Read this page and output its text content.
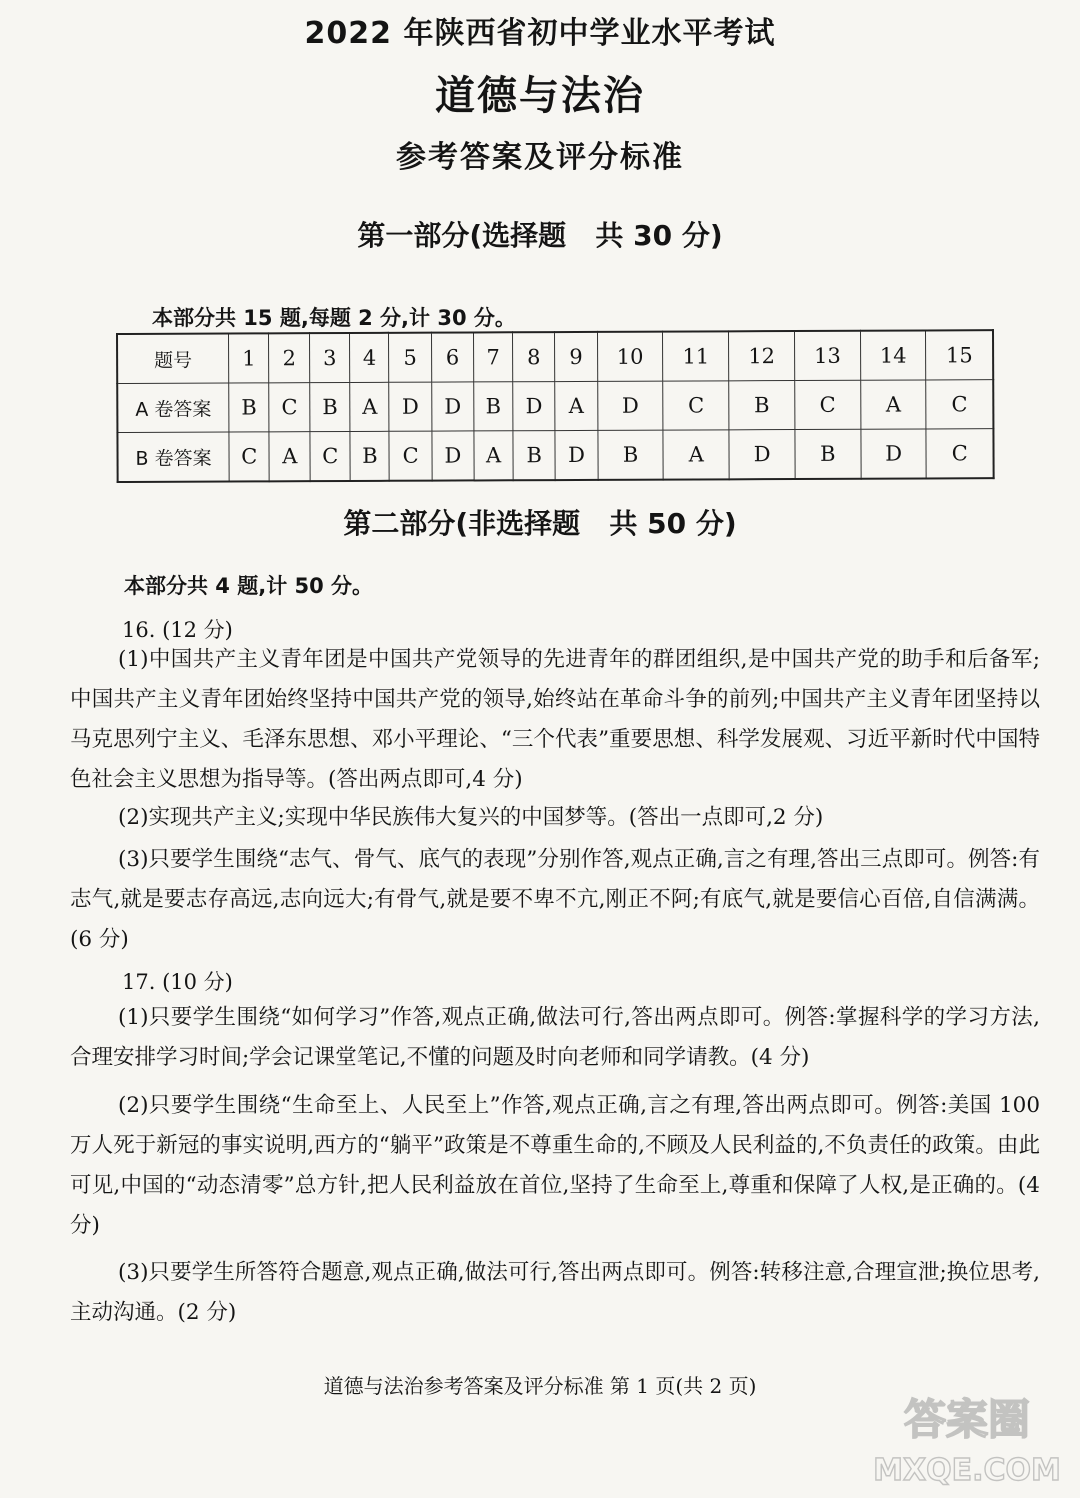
2022 年陕西省初中学业水平考试
道德与法治
参考答案及评分标准
第一部分(选择题   共 30 分)
本部分共 15 题,每题 2 分,计 30 分。
题号	1	2	3	4	5	6	7	8	9	10	11	12	13	14	15
A 卷答案	B	C	B	A	D	D	B	D	A	D	C	B	C	A	C
B 卷答案	C	A	C	B	C	D	A	B	D	B	A	D	B	D	C
第二部分(非选择题   共 50 分)
本部分共 4 题,计 50 分。
16. (12 分)

(1)中国共产主义青年团是中国共产党领导的先进青年的群团组织,是中国共产党的助手和后备军;中国共产主义青年团始终坚持中国共产党的领导,始终站在革命斗争的前列;中国共产主义青年团坚持以马克思列宁主义、毛泽东思想、邓小平理论、“三个代表”重要思想、科学发展观、习近平新时代中国特色社会主义思想为指导等。(答出两点即可,4 分)

(2)实现共产主义;实现中华民族伟大复兴的中国梦等。(答出一点即可,2 分)

(3)只要学生围绕“志气、骨气、底气的表现”分别作答,观点正确,言之有理,答出三点即可。例答:有志气,就是要志存高远,志向远大;有骨气,就是要不卑不亢,刚正不阿;有底气,就是要信心百倍,自信满满。(6 分)

17. (10 分)

(1)只要学生围绕“如何学习”作答,观点正确,做法可行,答出两点即可。例答:掌握科学的学习方法,合理安排学习时间;学会记课堂笔记,不懂的问题及时向老师和同学请教。(4 分)

(2)只要学生围绕“生命至上、人民至上”作答,观点正确,言之有理,答出两点即可。例答:美国 100 万人死于新冠的事实说明,西方的“躺平”政策是不尊重生命的,不顾及人民利益的,不负责任的政策。由此可见,中国的“动态清零”总方针,把人民利益放在首位,坚持了生命至上,尊重和保障了人权,是正确的。(4 分)

(3)只要学生所答符合题意,观点正确,做法可行,答出两点即可。例答:转移注意,合理宣泄;换位思考,主动沟通。(2 分)

道德与法治参考答案及评分标准 第 1 页(共 2 页)

答案圈
MXQE.COM
